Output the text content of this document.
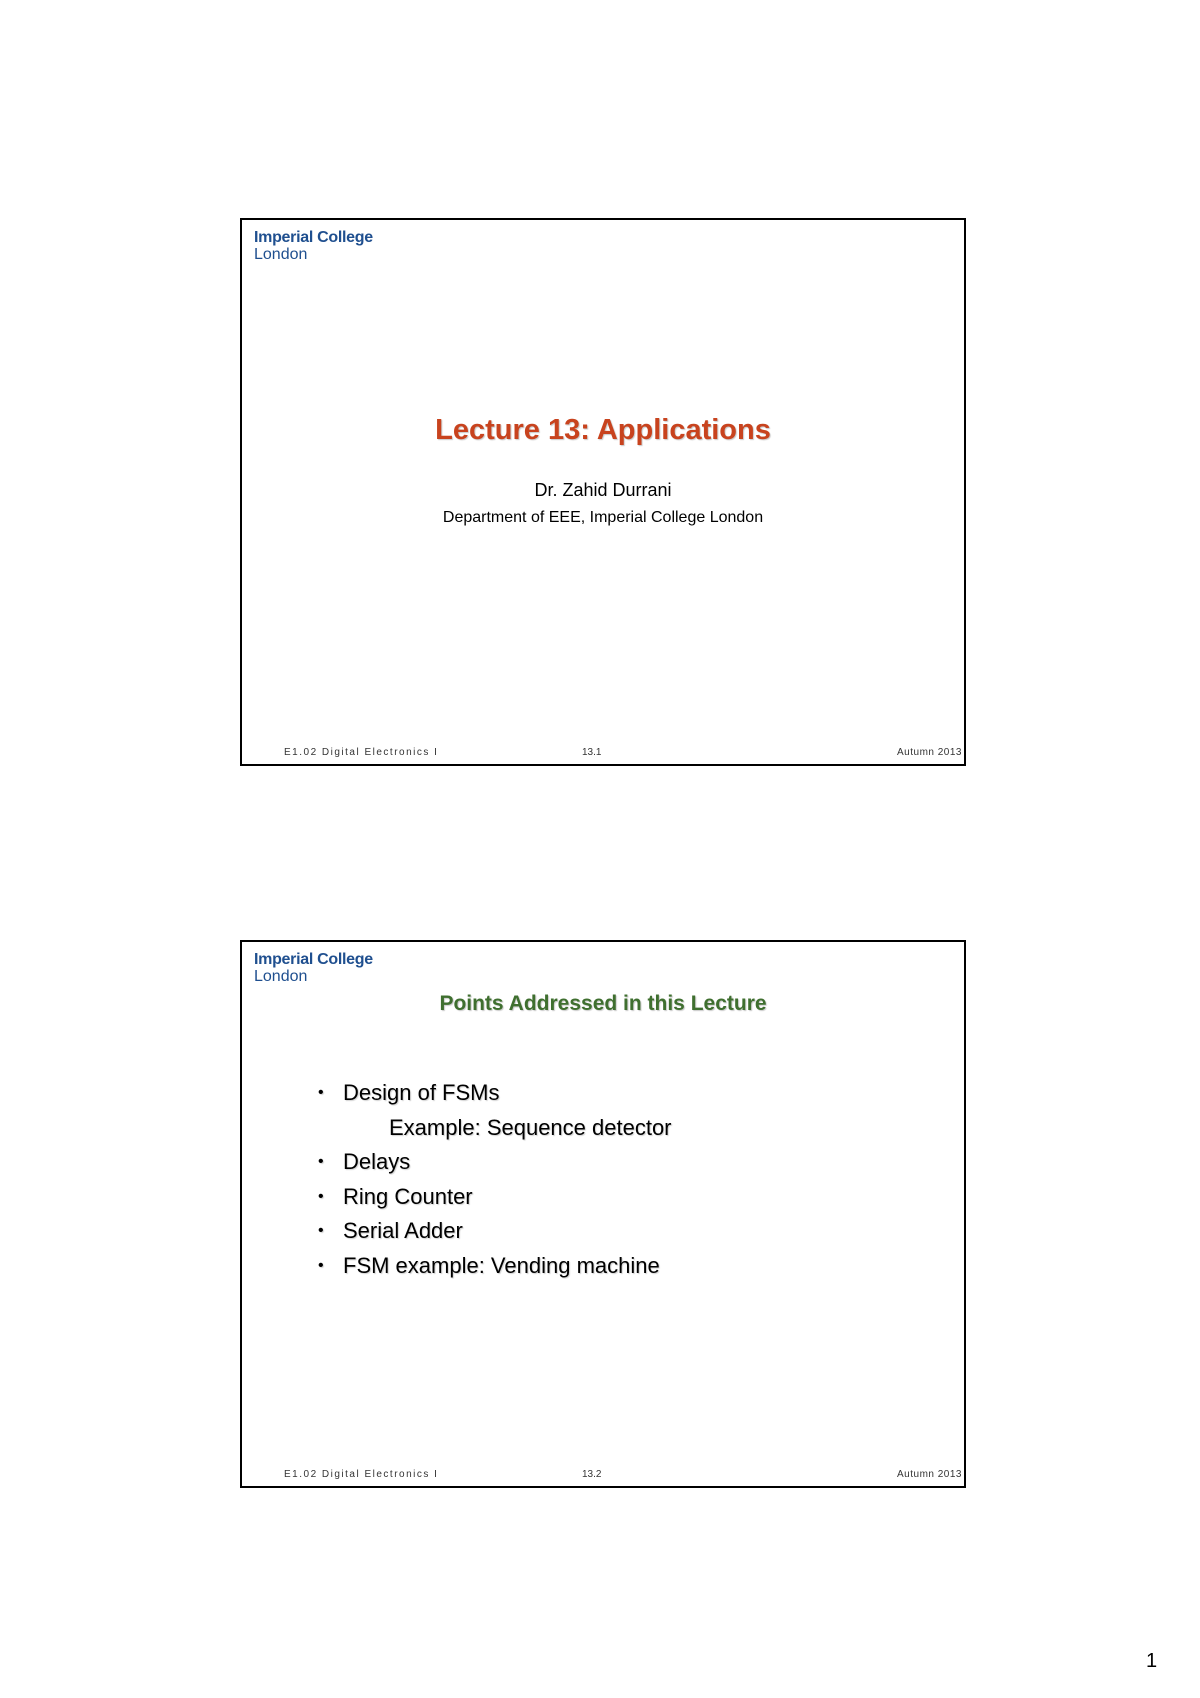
Imperial College
London
Lecture 13: Applications
Dr. Zahid Durrani
Department of EEE, Imperial College London
E1.02 Digital Electronics I	13.1	Autumn 2013
Imperial College
London
Points Addressed in this Lecture
• Design of FSMs
Example: Sequence detector
• Delays
• Ring Counter
• Serial Adder
• FSM example: Vending machine
E1.02 Digital Electronics I	13.2	Autumn 2013
1
